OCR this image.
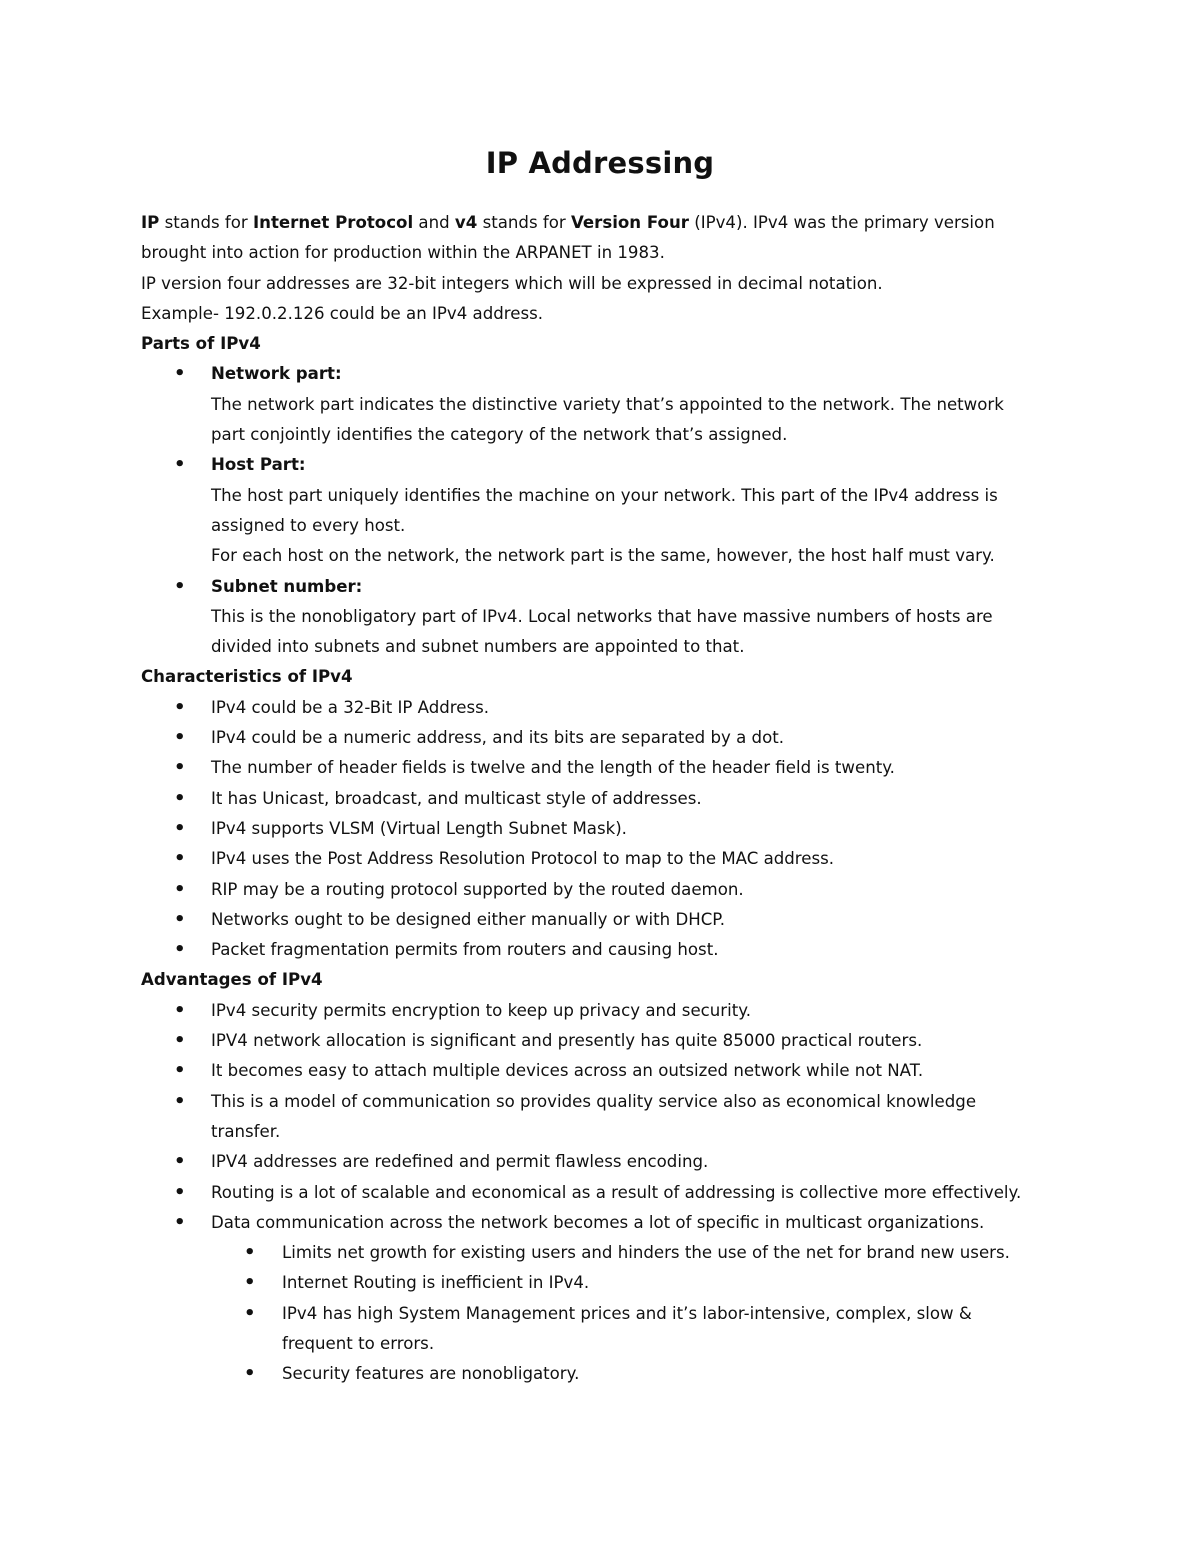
IP Addressing

IP stands for Internet Protocol and v4 stands for Version Four (IPv4). IPv4 was the primary version

brought into action for production within the ARPANET in 1983.

IP version four addresses are 32-bit integers which will be expressed in decimal notation.

Example- 192.0.2.126 could be an IPv4 address.

Parts of IPv4
• Network part:
The network part indicates the distinctive variety that’s appointed to the network. The network
part conjointly identifies the category of the network that’s assigned.
• Host Part:
The host part uniquely identifies the machine on your network. This part of the IPv4 address is
assigned to every host.
For each host on the network, the network part is the same, however, the host half must vary.
• Subnet number:
This is the nonobligatory part of IPv4. Local networks that have massive numbers of hosts are
divided into subnets and subnet numbers are appointed to that.
Characteristics of IPv4
• IPv4 could be a 32-Bit IP Address.
• IPv4 could be a numeric address, and its bits are separated by a dot.
• The number of header fields is twelve and the length of the header field is twenty.
• It has Unicast, broadcast, and multicast style of addresses.
• IPv4 supports VLSM (Virtual Length Subnet Mask).
• IPv4 uses the Post Address Resolution Protocol to map to the MAC address.
• RIP may be a routing protocol supported by the routed daemon.
• Networks ought to be designed either manually or with DHCP.
• Packet fragmentation permits from routers and causing host.
Advantages of IPv4
• IPv4 security permits encryption to keep up privacy and security.
• IPV4 network allocation is significant and presently has quite 85000 practical routers.
• It becomes easy to attach multiple devices across an outsized network while not NAT.
• This is a model of communication so provides quality service also as economical knowledge
transfer.
• IPV4 addresses are redefined and permit flawless encoding.
• Routing is a lot of scalable and economical as a result of addressing is collective more effectively.
• Data communication across the network becomes a lot of specific in multicast organizations.
• Limits net growth for existing users and hinders the use of the net for brand new users.
• Internet Routing is inefficient in IPv4.
• IPv4 has high System Management prices and it’s labor-intensive, complex, slow &
frequent to errors.
• Security features are nonobligatory.
